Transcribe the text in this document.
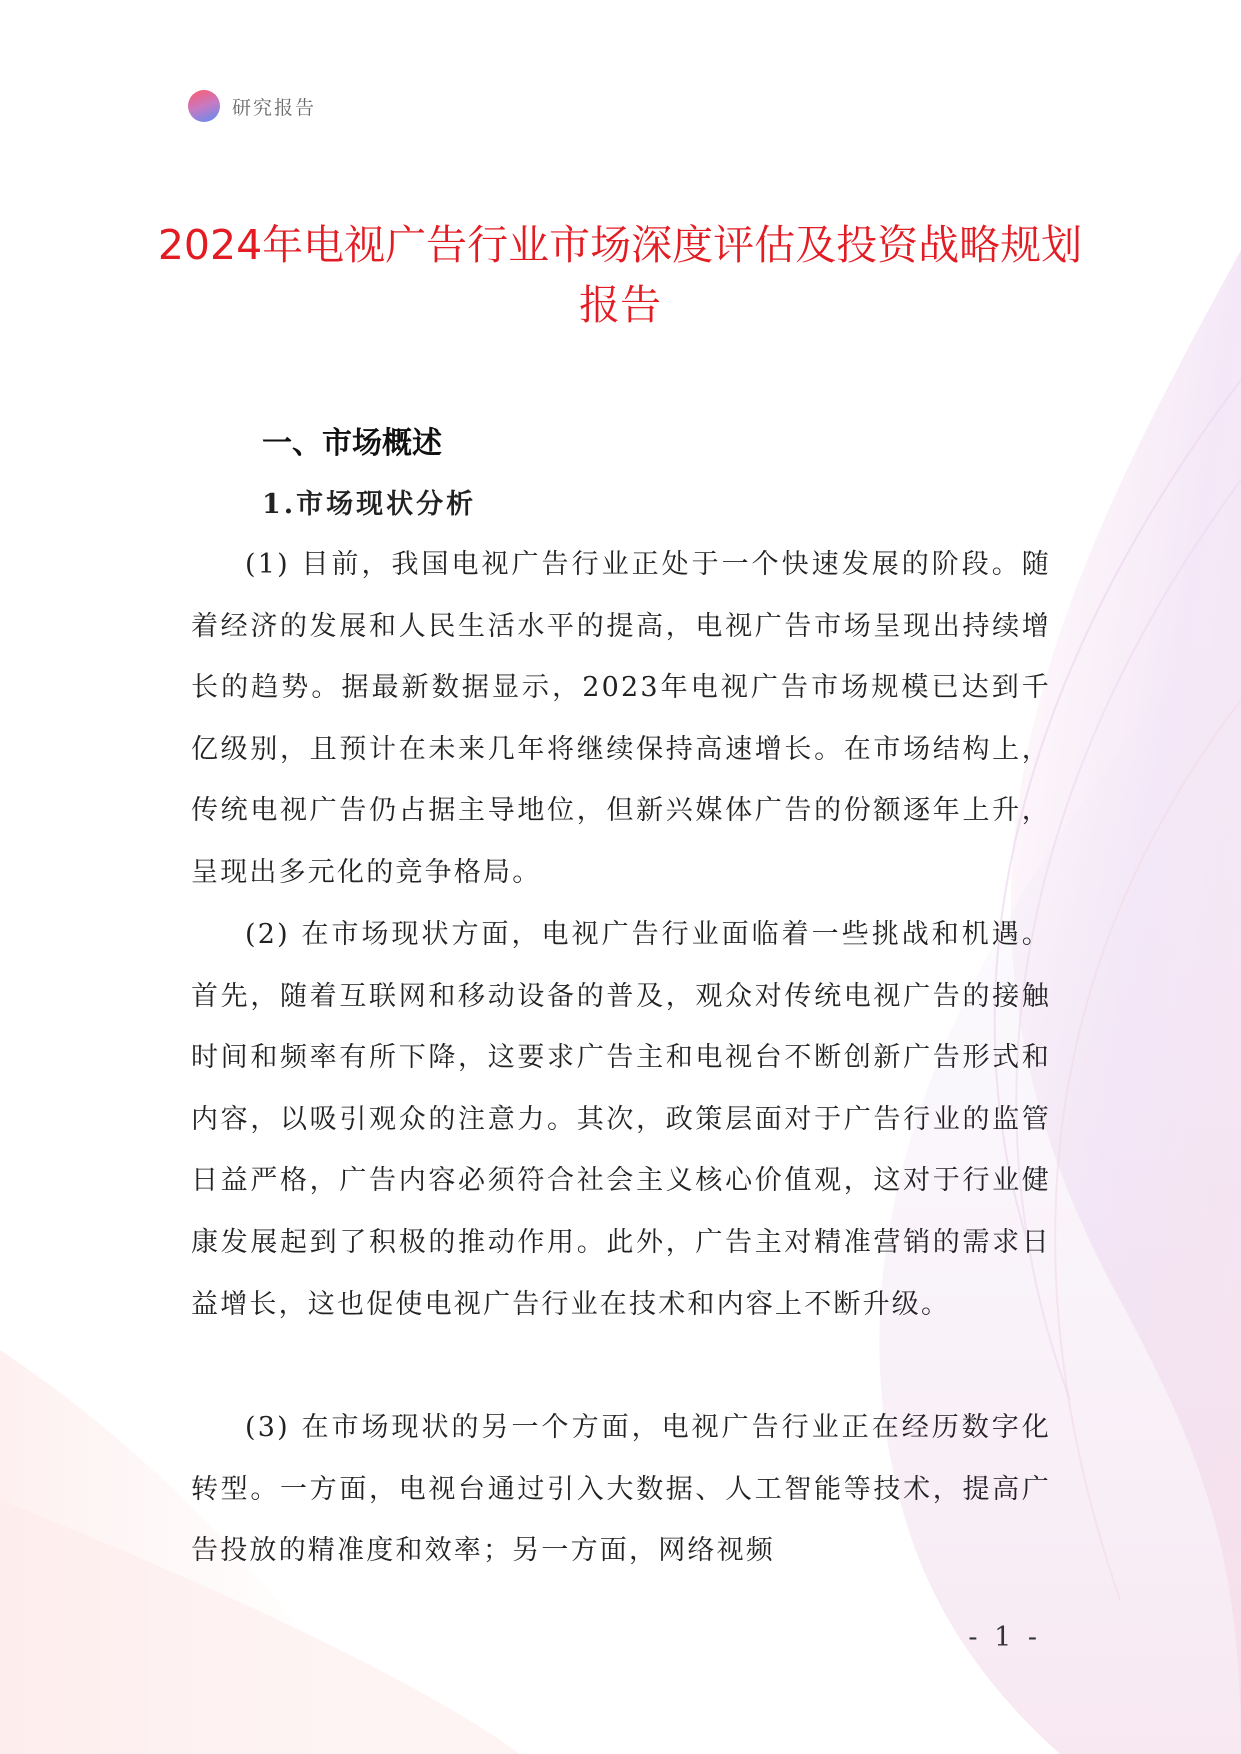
研究报告
2024年电视广告行业市场深度评估及投资战略规划报告
一、市场概述
1.市场现状分析

(1) 目前，我国电视广告行业正处于一个快速发展的阶段。随着经济的发展和人民生活水平的提高，电视广告市场呈现出持续增长的趋势。据最新数据显示，2023年电视广告市场规模已达到千亿级别，且预计在未来几年将继续保持高速增长。在市场结构上，传统电视广告仍占据主导地位，但新兴媒体广告的份额逐年上升，呈现出多元化的竞争格局。

(2) 在市场现状方面，电视广告行业面临着一些挑战和机遇。首先，随着互联网和移动设备的普及，观众对传统电视广告的接触时间和频率有所下降，这要求广告主和电视台不断创新广告形式和内容，以吸引观众的注意力。其次，政策层面对于广告行业的监管日益严格，广告内容必须符合社会主义核心价值观，这对于行业健康发展起到了积极的推动作用。此外，广告主对精准营销的需求日益增长，这也促使电视广告行业在技术和内容上不断升级。

(3) 在市场现状的另一个方面，电视广告行业正在经历数字化转型。一方面，电视台通过引入大数据、人工智能等技术，提高广告投放的精准度和效率；另一方面，网络视频

- 1 -
